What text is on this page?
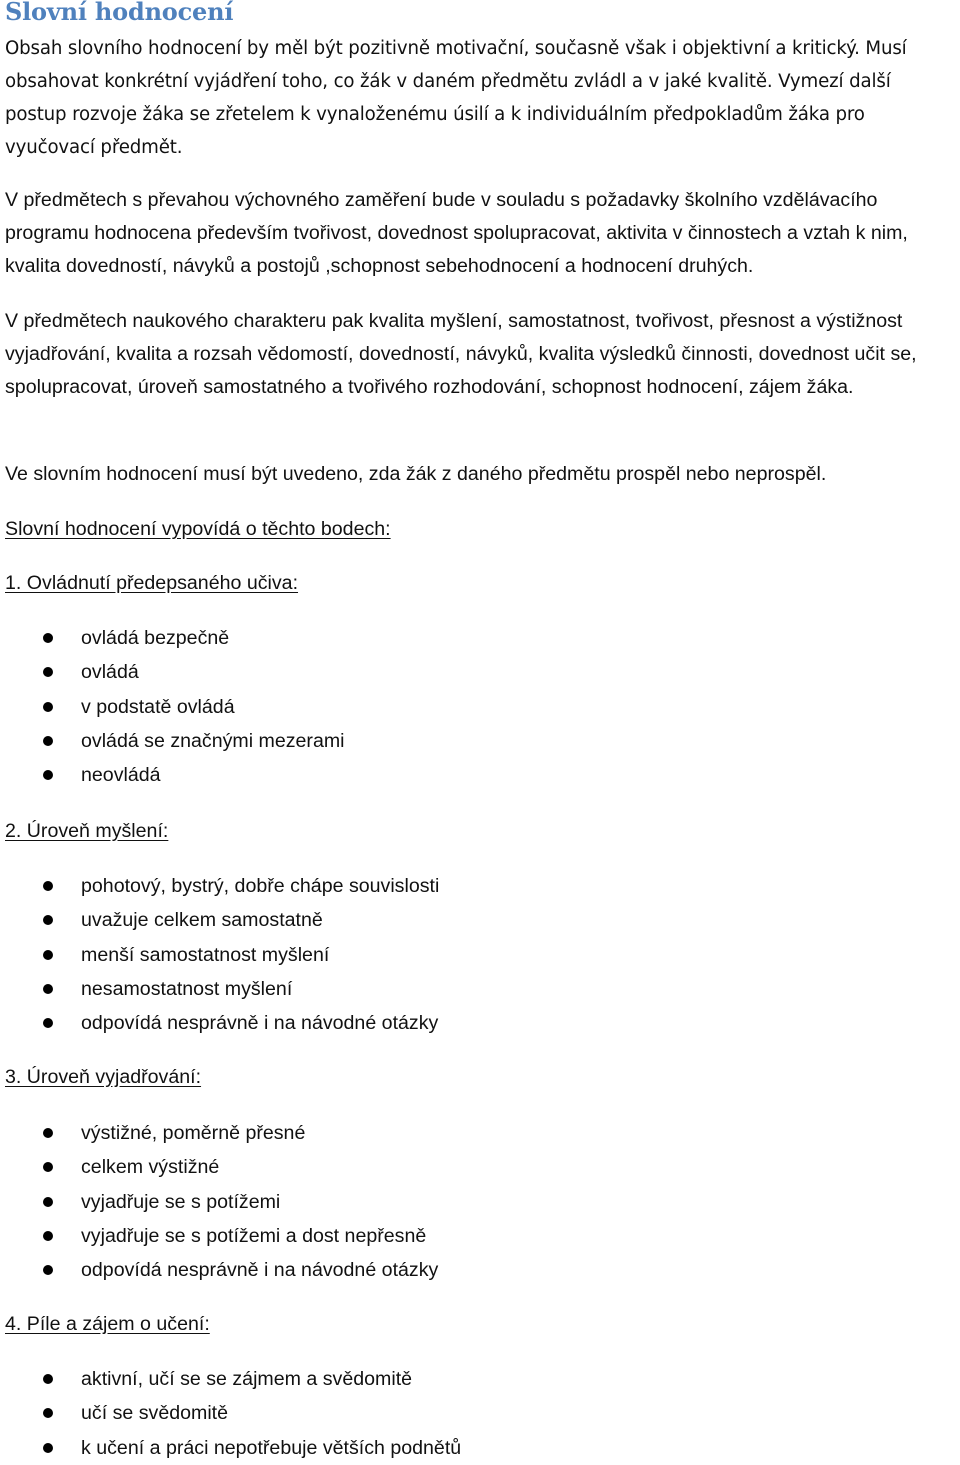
Slovní hodnocení

Obsah slovního hodnocení by měl být pozitivně motivační, současně však i objektivní a kritický. Musí obsahovat konkrétní vyjádření toho, co žák v daném předmětu zvládl a v jaké kvalitě. Vymezí další postup rozvoje žáka se zřetelem k vynaloženému úsilí a k individuálním předpokladům žáka pro vyučovací předmět.

V předmětech s převahou výchovného zaměření bude v souladu s požadavky školního vzdělávacího programu hodnocena především tvořivost, dovednost spolupracovat, aktivita v činnostech a vztah k nim, kvalita dovedností, návyků a postojů ,schopnost sebehodnocení a hodnocení druhých.

V předmětech naukového charakteru pak kvalita myšlení, samostatnost, tvořivost, přesnost a výstižnost vyjadřování, kvalita a rozsah vědomostí, dovedností, návyků, kvalita výsledků činnosti, dovednost učit se, spolupracovat, úroveň samostatného a tvořivého rozhodování, schopnost hodnocení, zájem žáka.

Ve slovním hodnocení musí být uvedeno, zda žák z daného předmětu prospěl nebo neprospěl.

Slovní hodnocení vypovídá o těchto bodech:
1. Ovládnutí předepsaného učiva:
ovládá bezpečně
ovládá
v podstatě ovládá
ovládá se značnými mezerami
neovládá
2. Úroveň myšlení:
pohotový, bystrý, dobře chápe souvislosti
uvažuje celkem samostatně
menší samostatnost myšlení
nesamostatnost myšlení
odpovídá nesprávně i na návodné otázky
3. Úroveň vyjadřování:
výstižné, poměrně přesné
celkem výstižné
vyjadřuje se s potížemi
vyjadřuje se s potížemi a dost nepřesně
odpovídá nesprávně i na návodné otázky
4. Píle a zájem o učení:
aktivní, učí se se zájmem a svědomitě
učí se svědomitě
k učení a práci nepotřebuje větších podnětů
